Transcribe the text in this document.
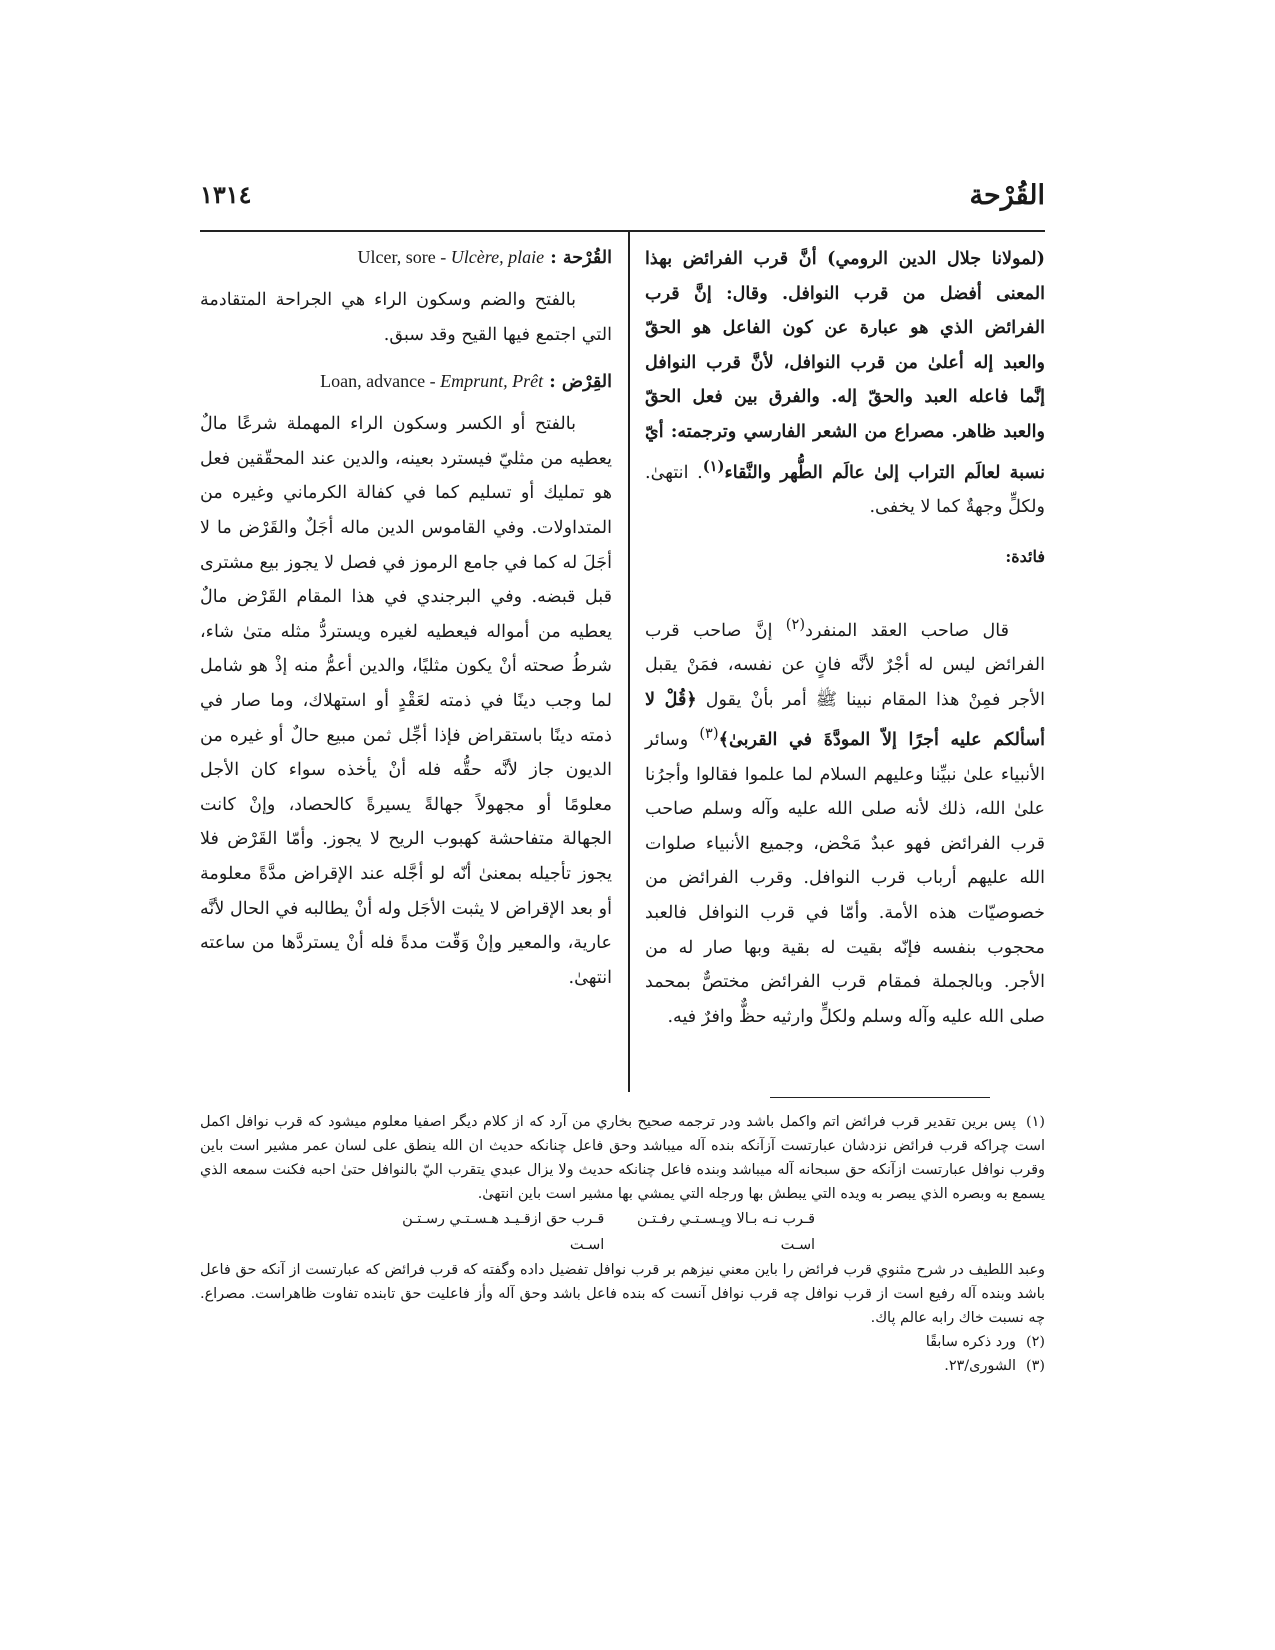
القُرْحة
١٣١٤

(لمولانا جلال الدين الرومي) أنَّ قرب الفرائض بهذا المعنى أفضل من قرب النوافل. وقال: إنَّ قرب الفرائض الذي هو عبارة عن كون الفاعل هو الحقّ والعبد إله أعلىٰ من قرب النوافل، لأنَّ قرب النوافل إنَّما فاعله العبد والحقّ إله. والفرق بين فعل الحقّ والعبد ظاهر. مصراع من الشعر الفارسي وترجمته: أيّ نسبة لعالَم التراب إلىٰ عالَم الطُّهر والنَّقاء$^{(١)}$. انتهىٰ. ولكلٍّ وجهةٌ كما لا يخفى.

فائدة:

قال صاحب العقد المنفرد$^{(٢)}$ إنَّ صاحب قرب الفرائض ليس له أجْرٌ لأنَّه فانٍ عن نفسه، فمَنْ يقبل الأجر فمِنْ هذا المقام نبينا ﷺ أمر بأنْ يقول ﴿قُلْ لا أسألكم عليه أجرًا إلاّ المودَّةَ في القربىٰ﴾$^{(٣)}$ وسائر الأنبياء علىٰ نبيِّنا وعليهم السلام لما علموا فقالوا وأجرُنا علىٰ الله، ذلك لأنه صلى الله عليه وآله وسلم صاحب قرب الفرائض فهو عبدٌ مَحْض، وجميع الأنبياء صلوات الله عليهم أرباب قرب النوافل. وقرب الفرائض من خصوصيّات هذه الأمة. وأمّا في قرب النوافل فالعبد محجوب بنفسه فإنّه بقيت له بقية وبها صار له من الأجر. وبالجملة فمقام قرب الفرائض مختصٌّ بمحمد صلى الله عليه وآله وسلم ولكلٍّ وارثيه حظٌّ وافرٌ فيه.

القُرْحة : Ulcer, sore - Ulcère, plaie

بالفتح والضم وسكون الراء هي الجراحة المتقادمة التي اجتمع فيها القيح وقد سبق.

القِرْض : Loan, advance - Emprunt, Prêt

بالفتح أو الكسر وسكون الراء المهملة شرعًا مالٌ يعطيه من مثليّ فيسترد بعينه، والدين عند المحقّقين فعل هو تمليك أو تسليم كما في كفالة الكرماني وغيره من المتداولات. وفي القاموس الدين ماله أجَلٌ والقَرْض ما لا أجَلَ له كما في جامع الرموز في فصل لا يجوز بيع مشترى قبل قبضه. وفي البرجندي في هذا المقام القَرْض مالٌ يعطيه من أمواله فيعطيه لغيره ويستردُّ مثله متىٰ شاء، شرطُ صحته أنْ يكون مثليًا، والدين أعمُّ منه إذْ هو شامل لما وجب دينًا في ذمته لعَقْدٍ أو استهلاك، وما صار في ذمته دينًا باستقراض فإذا أجِّل ثمن مبيع حالٌ أو غيره من الديون جاز لأنَّه حقُّه فله أنْ يأخذه سواء كان الأجل معلومًا أو مجهولاً جهالةً يسيرةً كالحصاد، وإنْ كانت الجهالة متفاحشة كهبوب الريح لا يجوز. وأمّا القَرْض فلا يجوز تأجيله بمعنىٰ أنّه لو أجَّله عند الإقراض مدَّةً معلومة أو بعد الإقراض لا يثبت الأجَل وله أنْ يطالبه في الحال لأنَّه عارية، والمعير وإنْ وَقّت مدةً فله أنْ يستردَّها من ساعته انتهىٰ.

(١)پس برين تقدير قرب فرائض اتم واكمل باشد ودر ترجمه صحيح بخاري من آرد كه از كلام ديگر اصفيا معلوم ميشود كه قرب نوافل اكمل است چراكه قرب فرائض نزدشان عبارتست آزآنكه بنده آله ميباشد وحق فاعل چنانكه حديث ان الله ينطق على لسان عمر مشير است باين وقرب نوافل عبارتست ازآنكه حق سبحانه آله ميباشد وبنده فاعل چنانكه حديث ولا يزال عبدي يتقرب اليّ بالنوافل حتىٰ احبه فكنت سمعه الذي يسمع به وبصره الذي يبصر به ويده التي يبطش بها ورجله التي يمشي بها مشير است باين انتهىٰ.

قـرب نـه بـالا وپـسـتـي رفـتـن اسـت
قـرب حق ازقـيـد هـسـتـي رسـتـن اسـت

وعبد اللطيف در شرح مثنوي قرب فرائض را باين معني نيزهم بر قرب نوافل تفضيل داده وگفته كه قرب فرائض كه عبارتست از آنكه حق فاعل باشد وبنده آله رفيع است از قرب نوافل چه قرب نوافل آنست كه بنده فاعل باشد وحق آله وأز فاعليت حق تابنده تفاوت ظاهراست. مصراع. چه نسبت خاك رابه عالم پاك.

(٢)ورد ذكره سابقًا

(٣)الشورى/٢٣.
